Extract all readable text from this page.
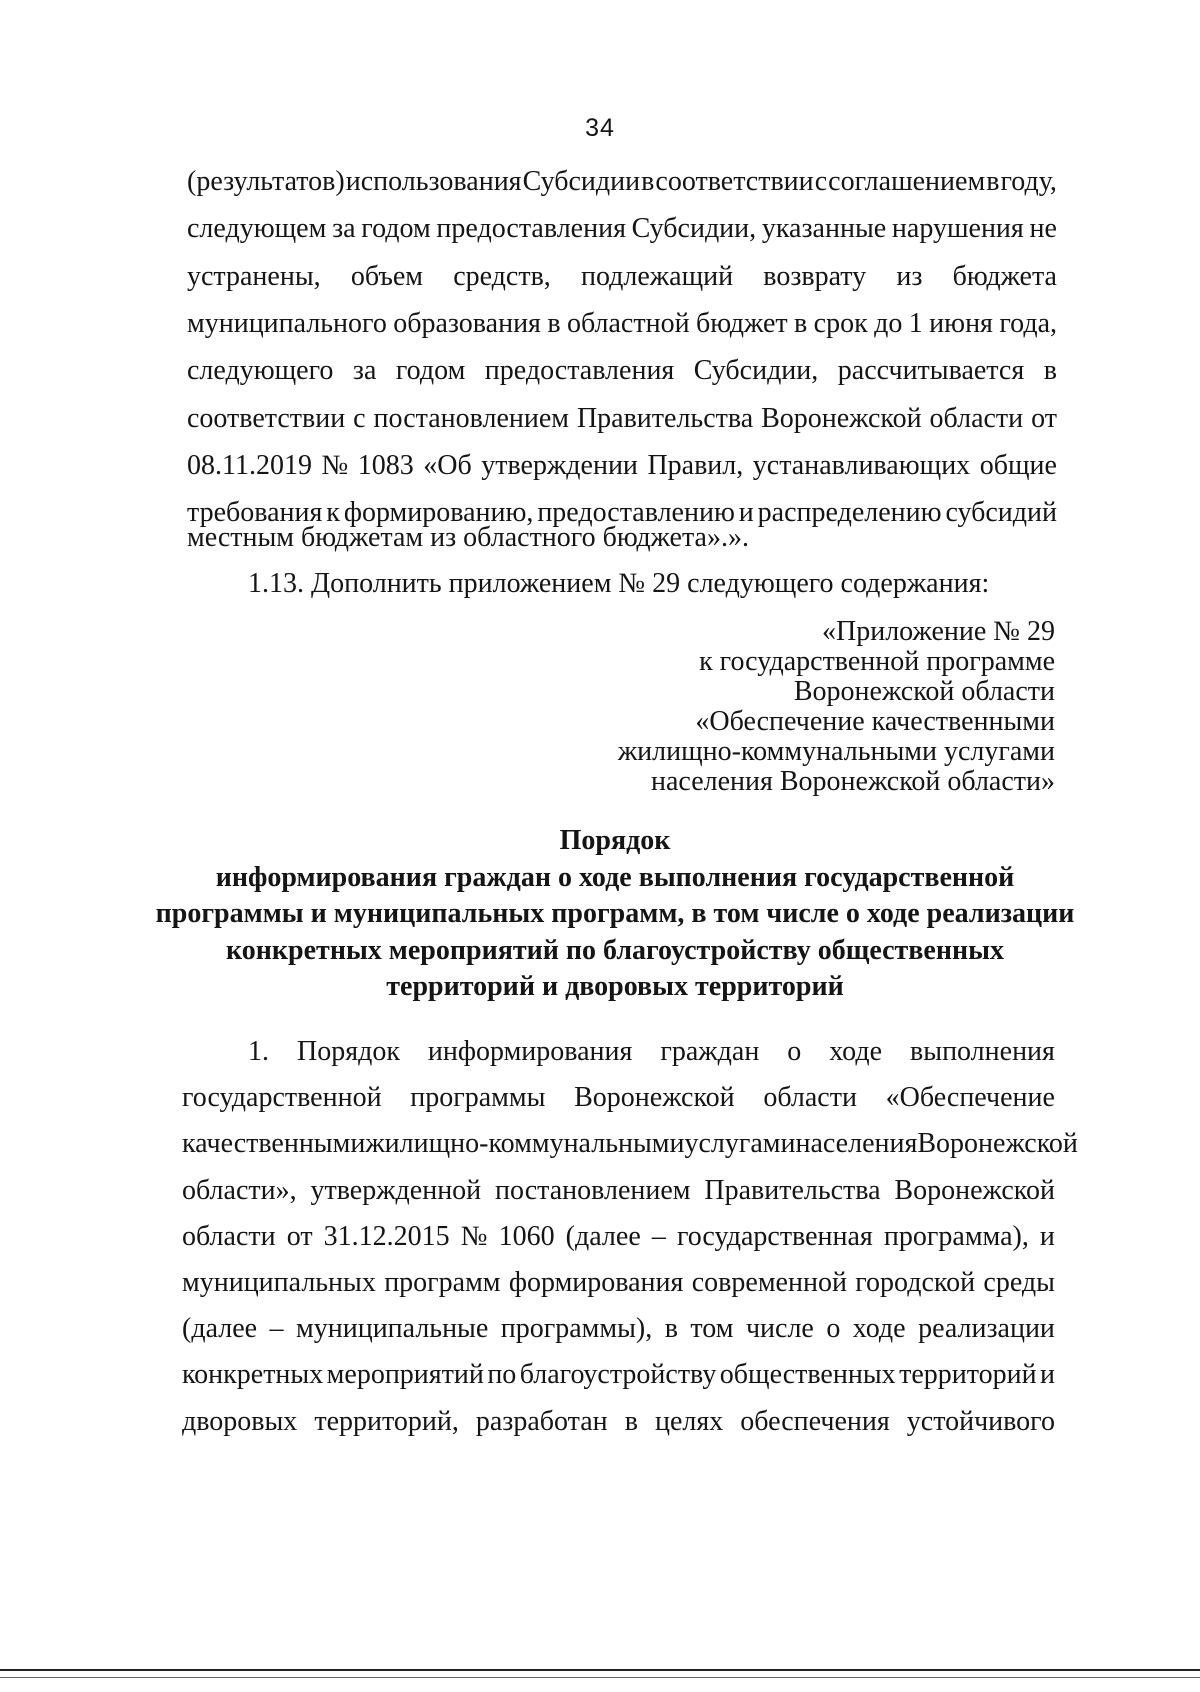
34
(результатов) использования Субсидии в соответствии с соглашением в году,
следующем за годом предоставления Субсидии, указанные нарушения не
устранены, объем средств, подлежащий возврату из бюджета
муниципального образования в областной бюджет в срок до 1 июня года,
следующего за годом предоставления Субсидии, рассчитывается в
соответствии с постановлением Правительства Воронежской области от
08.11.2019 № 1083 «Об утверждении Правил, устанавливающих общие
требования к формированию, предоставлению и распределению субсидий
местным бюджетам из областного бюджета».».
1.13. Дополнить приложением № 29 следующего содержания:
«Приложение № 29
к государственной программе
Воронежской области
«Обеспечение качественными
жилищно-коммунальными услугами
населения Воронежской области»
Порядок
информирования граждан о ходе выполнения государственной
программы и муниципальных программ, в том числе о ходе реализации
конкретных мероприятий по благоустройству общественных
территорий и дворовых территорий
1. Порядок информирования граждан о ходе выполнения
государственной программы Воронежской области «Обеспечение
качественными жилищно-коммунальными услугами населения Воронежской
области», утвержденной постановлением Правительства Воронежской
области от 31.12.2015 № 1060 (далее – государственная программа), и
муниципальных программ формирования современной городской среды
(далее – муниципальные программы), в том числе о ходе реализации
конкретных мероприятий по благоустройству общественных территорий и
дворовых территорий, разработан в целях обеспечения устойчивого
